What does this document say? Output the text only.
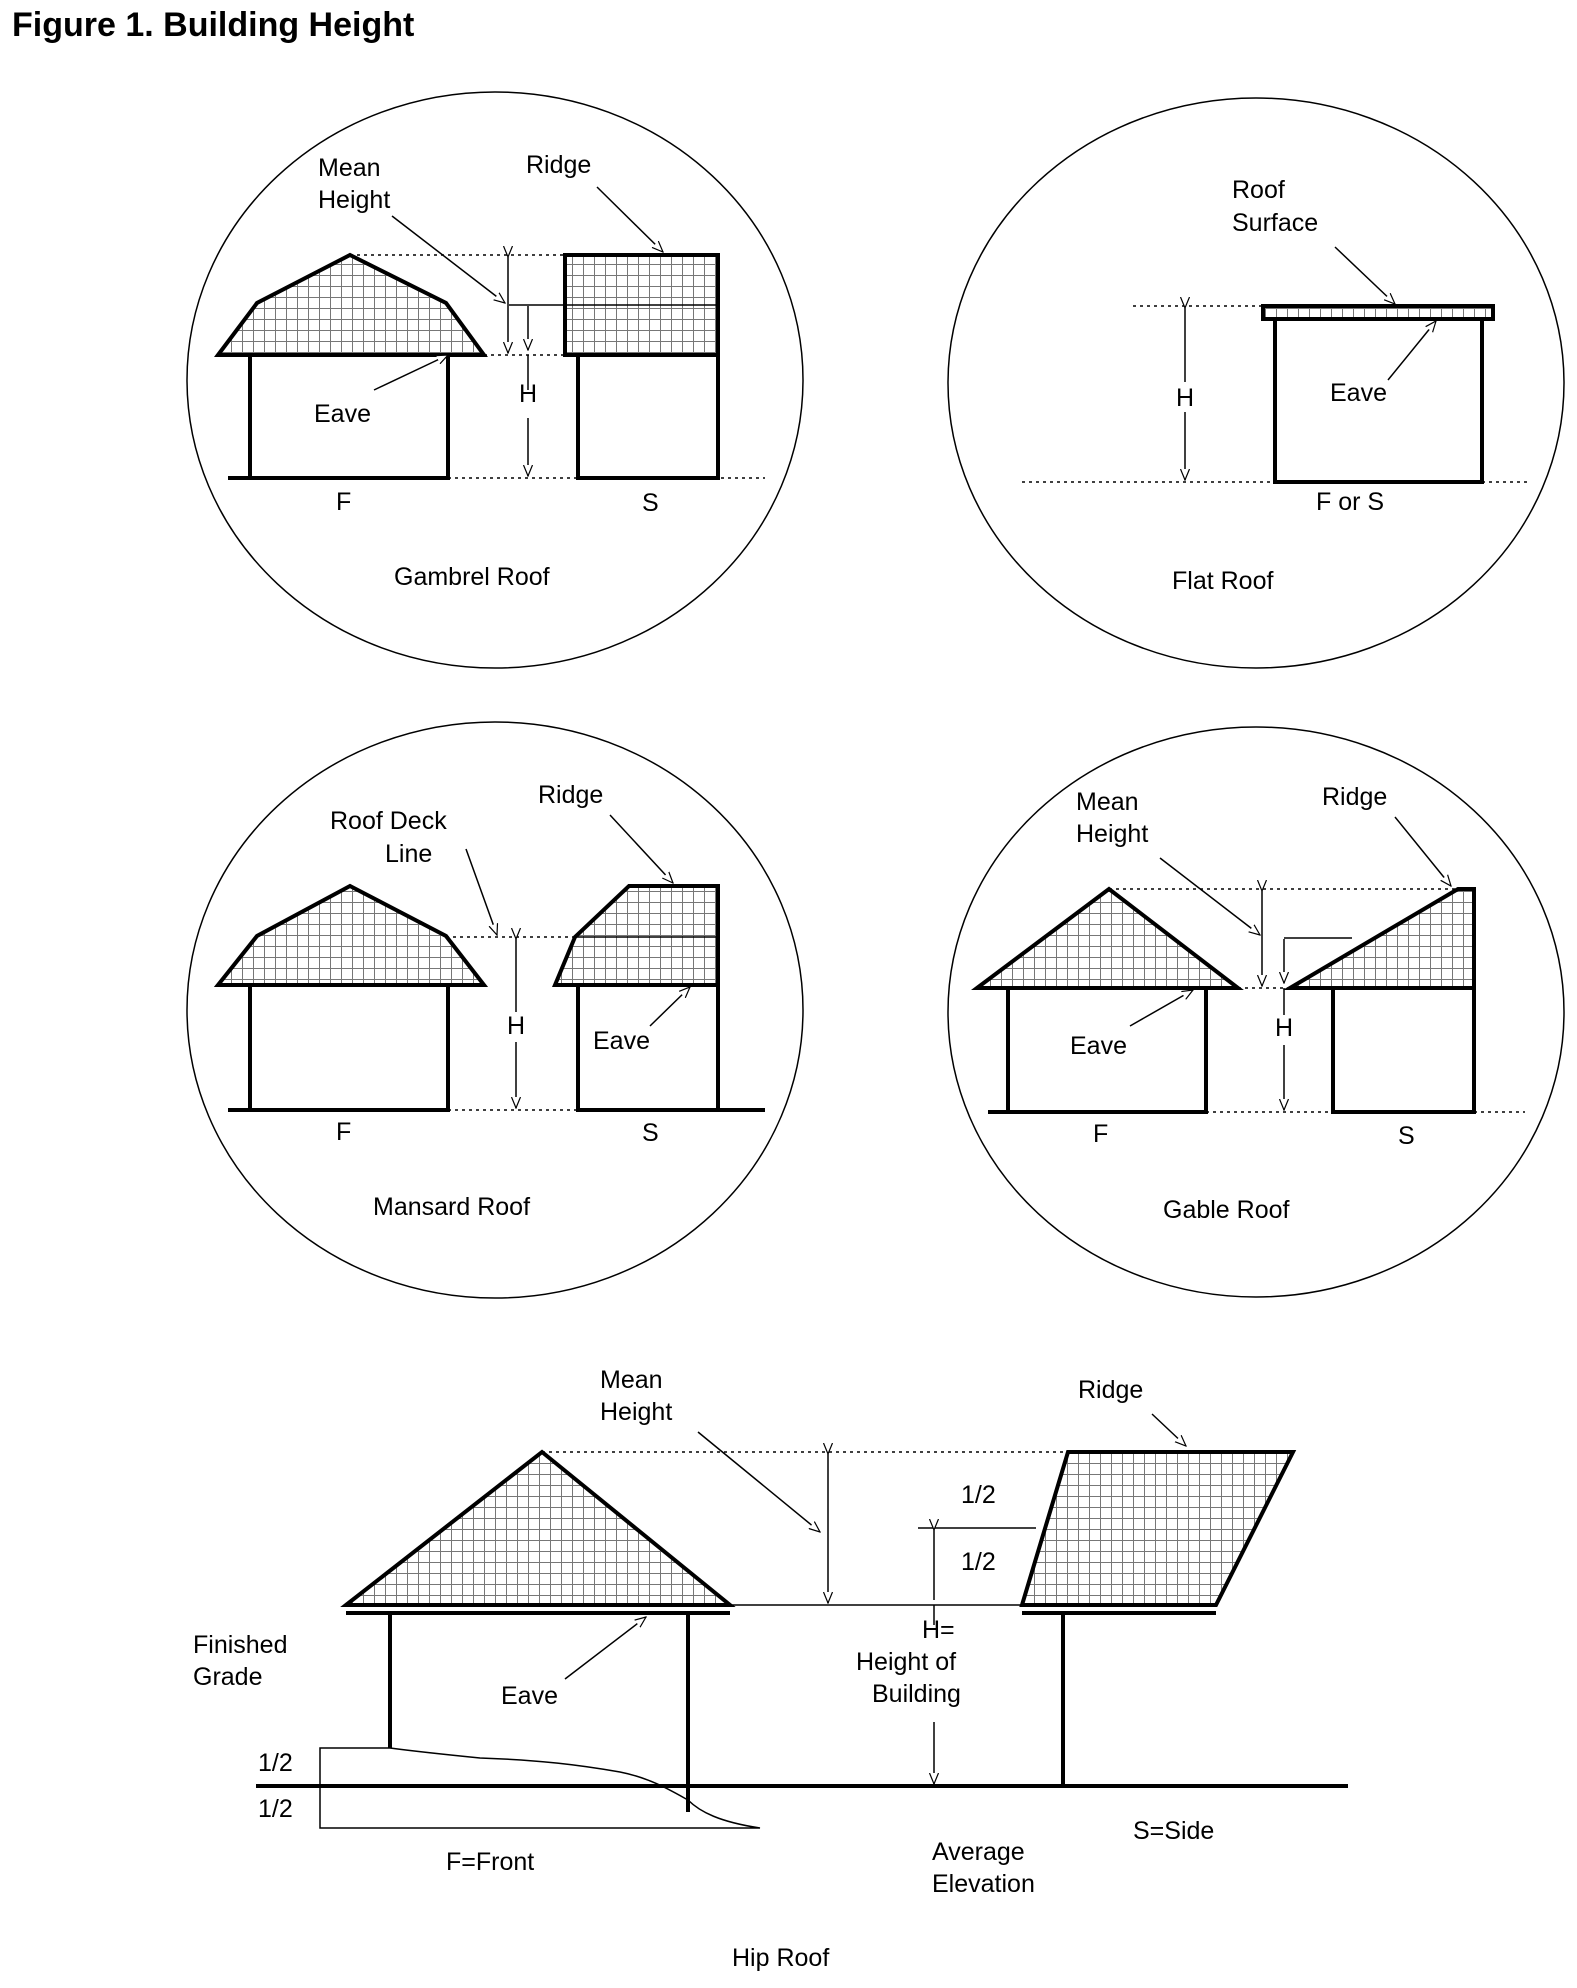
Figure 1. Building Height
Mean
Height
Ridge
Eave
H
F	S
Gambrel Roof
Roof
Surface
Eave
H
F or S
Flat Roof
Roof Deck
Line
Ridge
Eave
H
F	S
Mansard Roof
Mean
Height
Ridge
Eave
H
F	S
Gable Roof
Mean
Height
Ridge
1/2
1/2
H=
Height of
Building
Finished
Grade
Eave
1/2
1/2
F=Front
S=Side
Average
Elevation
Hip Roof
